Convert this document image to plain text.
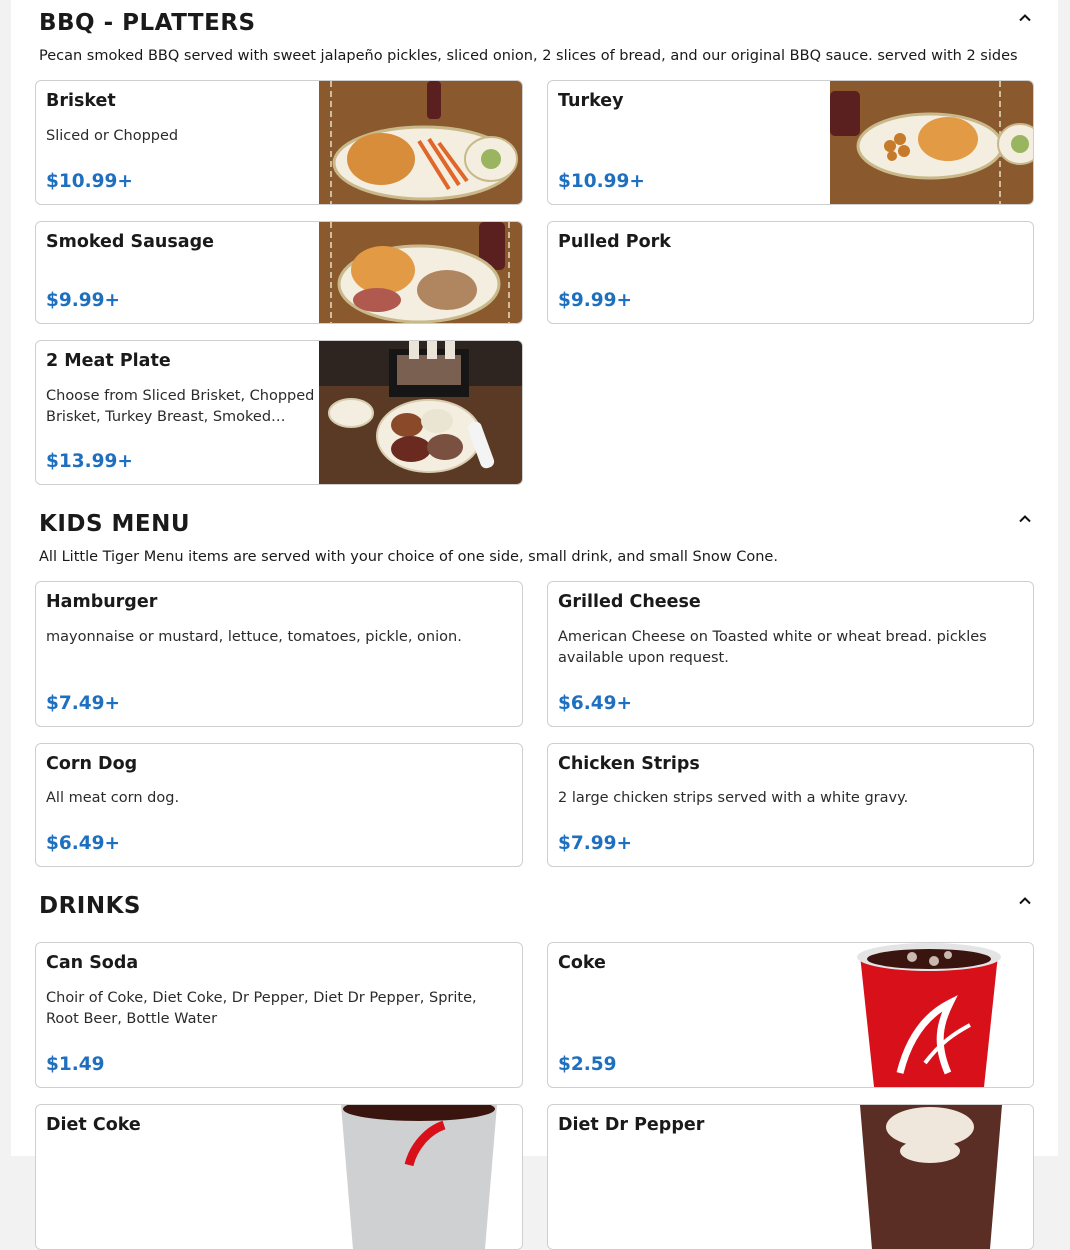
BBQ - PLATTERS

Pecan smoked BBQ served with sweet jalapeño pickles, sliced onion, 2 slices of bread, and our original BBQ sauce. served with 2 sides

Brisket
Sliced or Chopped
$10.99+
Turkey
$10.99+
Smoked Sausage
$9.99+
Pulled Pork
$9.99+
2 Meat Plate
Choose from Sliced Brisket, Chopped Brisket, Turkey Breast, Smoked…
$13.99+
KIDS MENU

All Little Tiger Menu items are served with your choice of one side, small drink, and small Snow Cone.

Hamburger
mayonnaise or mustard, lettuce, tomatoes, pickle, onion.
$7.49+
Grilled Cheese
American Cheese on Toasted white or wheat bread. pickles available upon request.
$6.49+
Corn Dog
All meat corn dog.
$6.49+
Chicken Strips
2 large chicken strips served with a white gravy.
$7.99+
DRINKS
Can Soda
Choir of Coke, Diet Coke, Dr Pepper, Diet Dr Pepper, Sprite, Root Beer, Bottle Water
$1.49
Coke
$2.59
Diet Coke	Diet Dr Pepper
